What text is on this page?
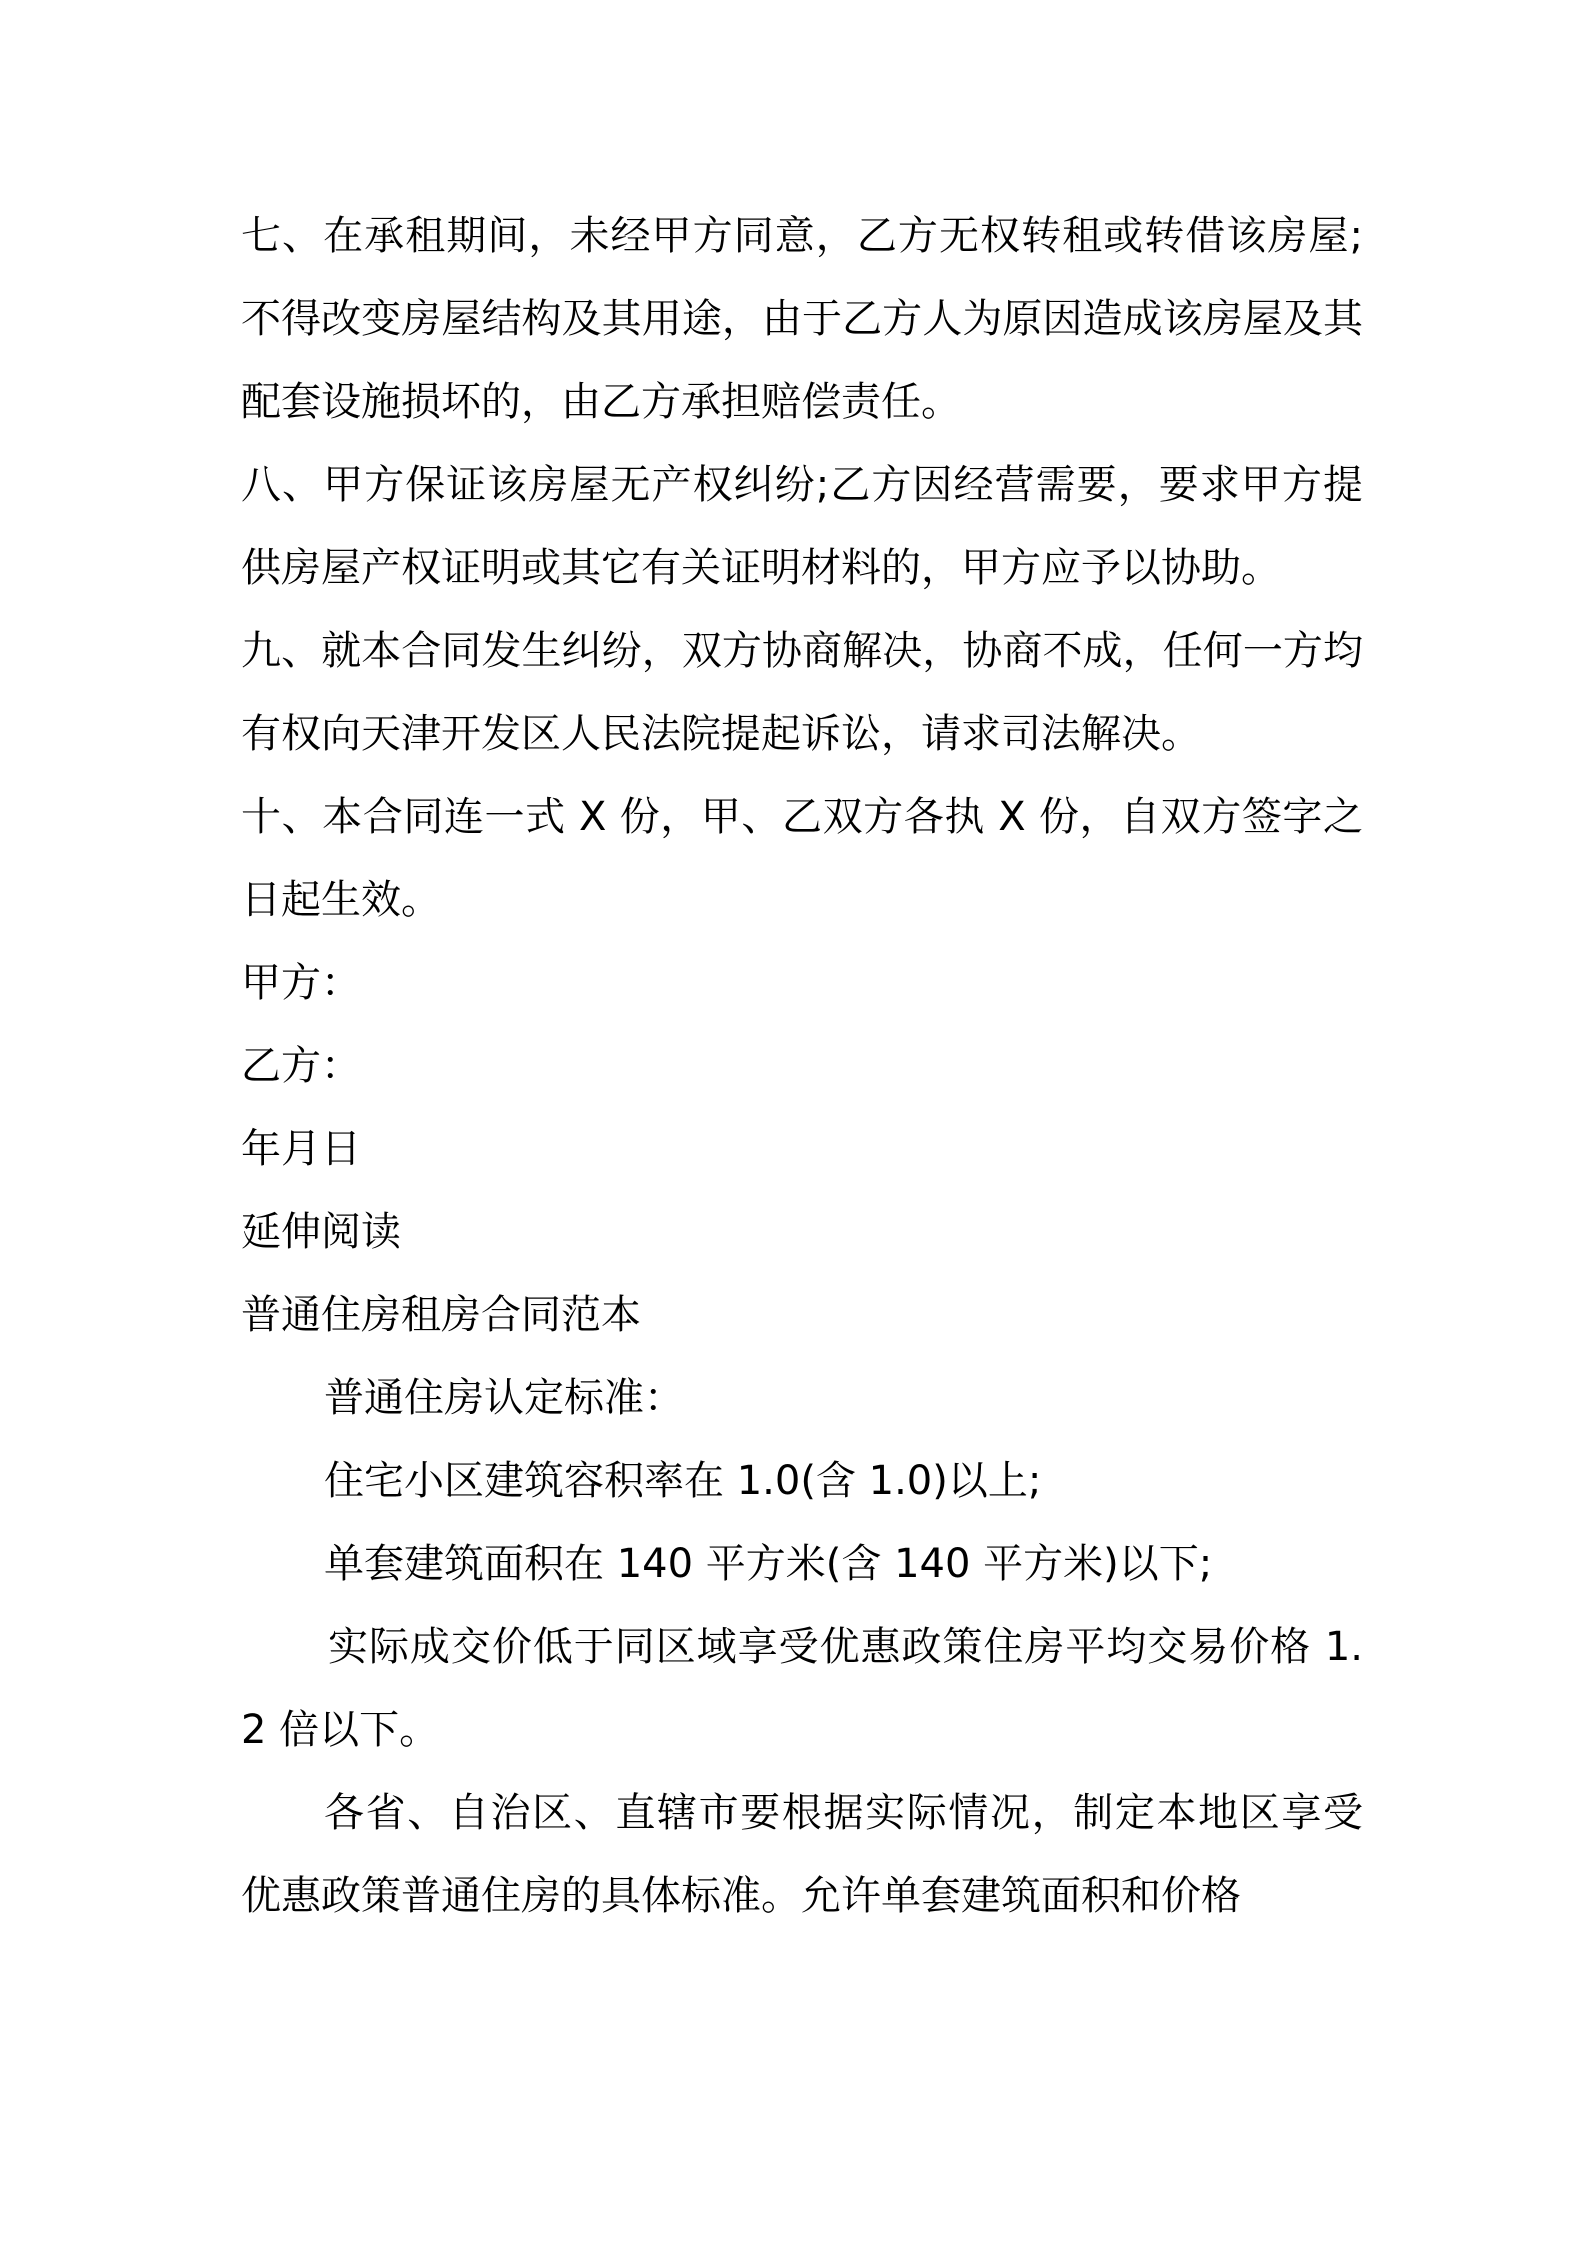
七、在承租期间，未经甲方同意，乙方无权转租或转借该房屋;不得改变房屋结构及其用途，由于乙方人为原因造成该房屋及其配套设施损坏的，由乙方承担赔偿责任。

八、甲方保证该房屋无产权纠纷;乙方因经营需要，要求甲方提供房屋产权证明或其它有关证明材料的，甲方应予以协助。

九、就本合同发生纠纷，双方协商解决，协商不成，任何一方均有权向天津开发区人民法院提起诉讼，请求司法解决。

十、本合同连一式 X 份，甲、乙双方各执 X 份，自双方签字之日起生效。

甲方：

乙方：

年月日

延伸阅读

普通住房租房合同范本

普通住房认定标准：

住宅小区建筑容积率在 1.0(含 1.0)以上;

单套建筑面积在 140 平方米(含 140 平方米)以下;

实际成交价低于同区域享受优惠政策住房平均交易价格 1.2 倍以下。

各省、自治区、直辖市要根据实际情况，制定本地区享受优惠政策普通住房的具体标准。允许单套建筑面积和价格
